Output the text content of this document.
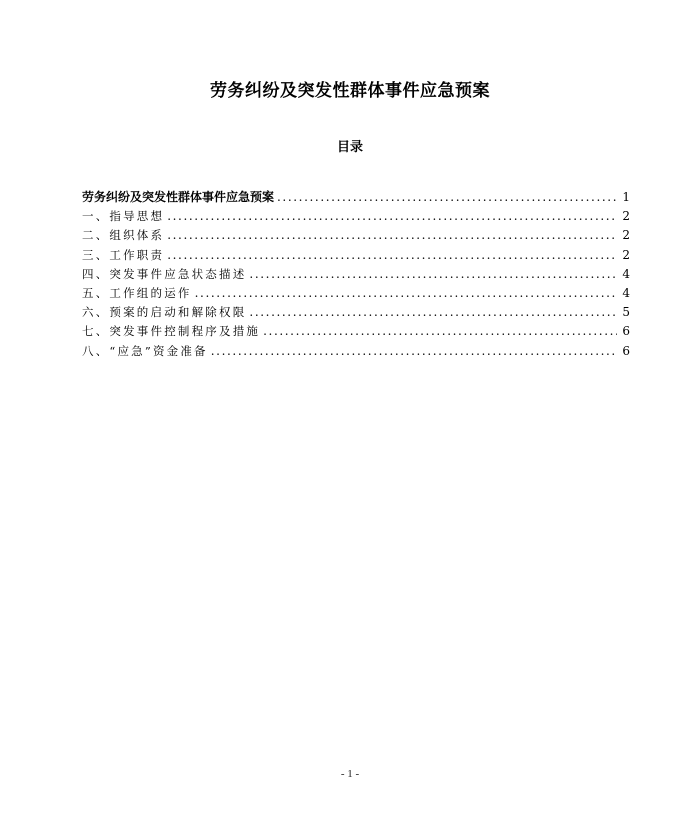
劳务纠纷及突发性群体事件应急预案
目录
劳务纠纷及突发性群体事件应急预案 .....	1
一、指导思想 .....	2
二、组织体系 .....	2
三、工作职责 .....	2
四、突发事件应急状态描述 .....	4
五、工作组的运作 .....	4
六、预案的启动和解除权限 .....	5
七、突发事件控制程序及措施 .....	6
八、“应急”资金准备 .....	6
- 1 -
